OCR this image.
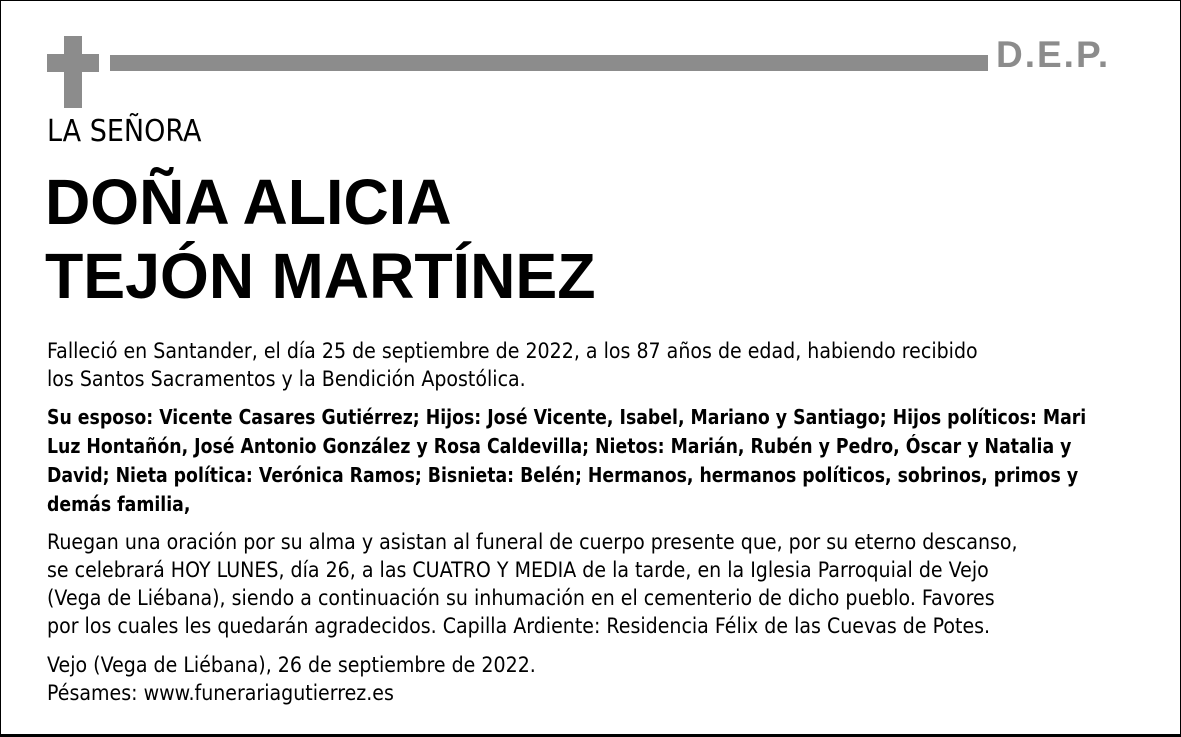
D.E.P.
LA SEÑORA
DOÑA ALICIA
TEJÓN MARTÍNEZ
Falleció en Santander, el día 25 de septiembre de 2022, a los 87 años de edad, habiendo recibido
los Santos Sacramentos y la Bendición Apostólica.
Su esposo: Vicente Casares Gutiérrez; Hijos: José Vicente, Isabel, Mariano y Santiago; Hijos políticos: Mari
Luz Hontañón, José Antonio González y Rosa Caldevilla; Nietos: Marián, Rubén y Pedro, Óscar y Natalia y
David; Nieta política: Verónica Ramos; Bisnieta: Belén; Hermanos, hermanos políticos, sobrinos, primos y
demás familia,
Ruegan una oración por su alma y asistan al funeral de cuerpo presente que, por su eterno descanso,
se celebrará HOY LUNES, día 26, a las CUATRO Y MEDIA de la tarde, en la Iglesia Parroquial de Vejo
(Vega de Liébana), siendo a continuación su inhumación en el cementerio de dicho pueblo. Favores
por los cuales les quedarán agradecidos. Capilla Ardiente: Residencia Félix de las Cuevas de Potes.
Vejo (Vega de Liébana), 26 de septiembre de 2022.
Pésames: www.funerariagutierrez.es
